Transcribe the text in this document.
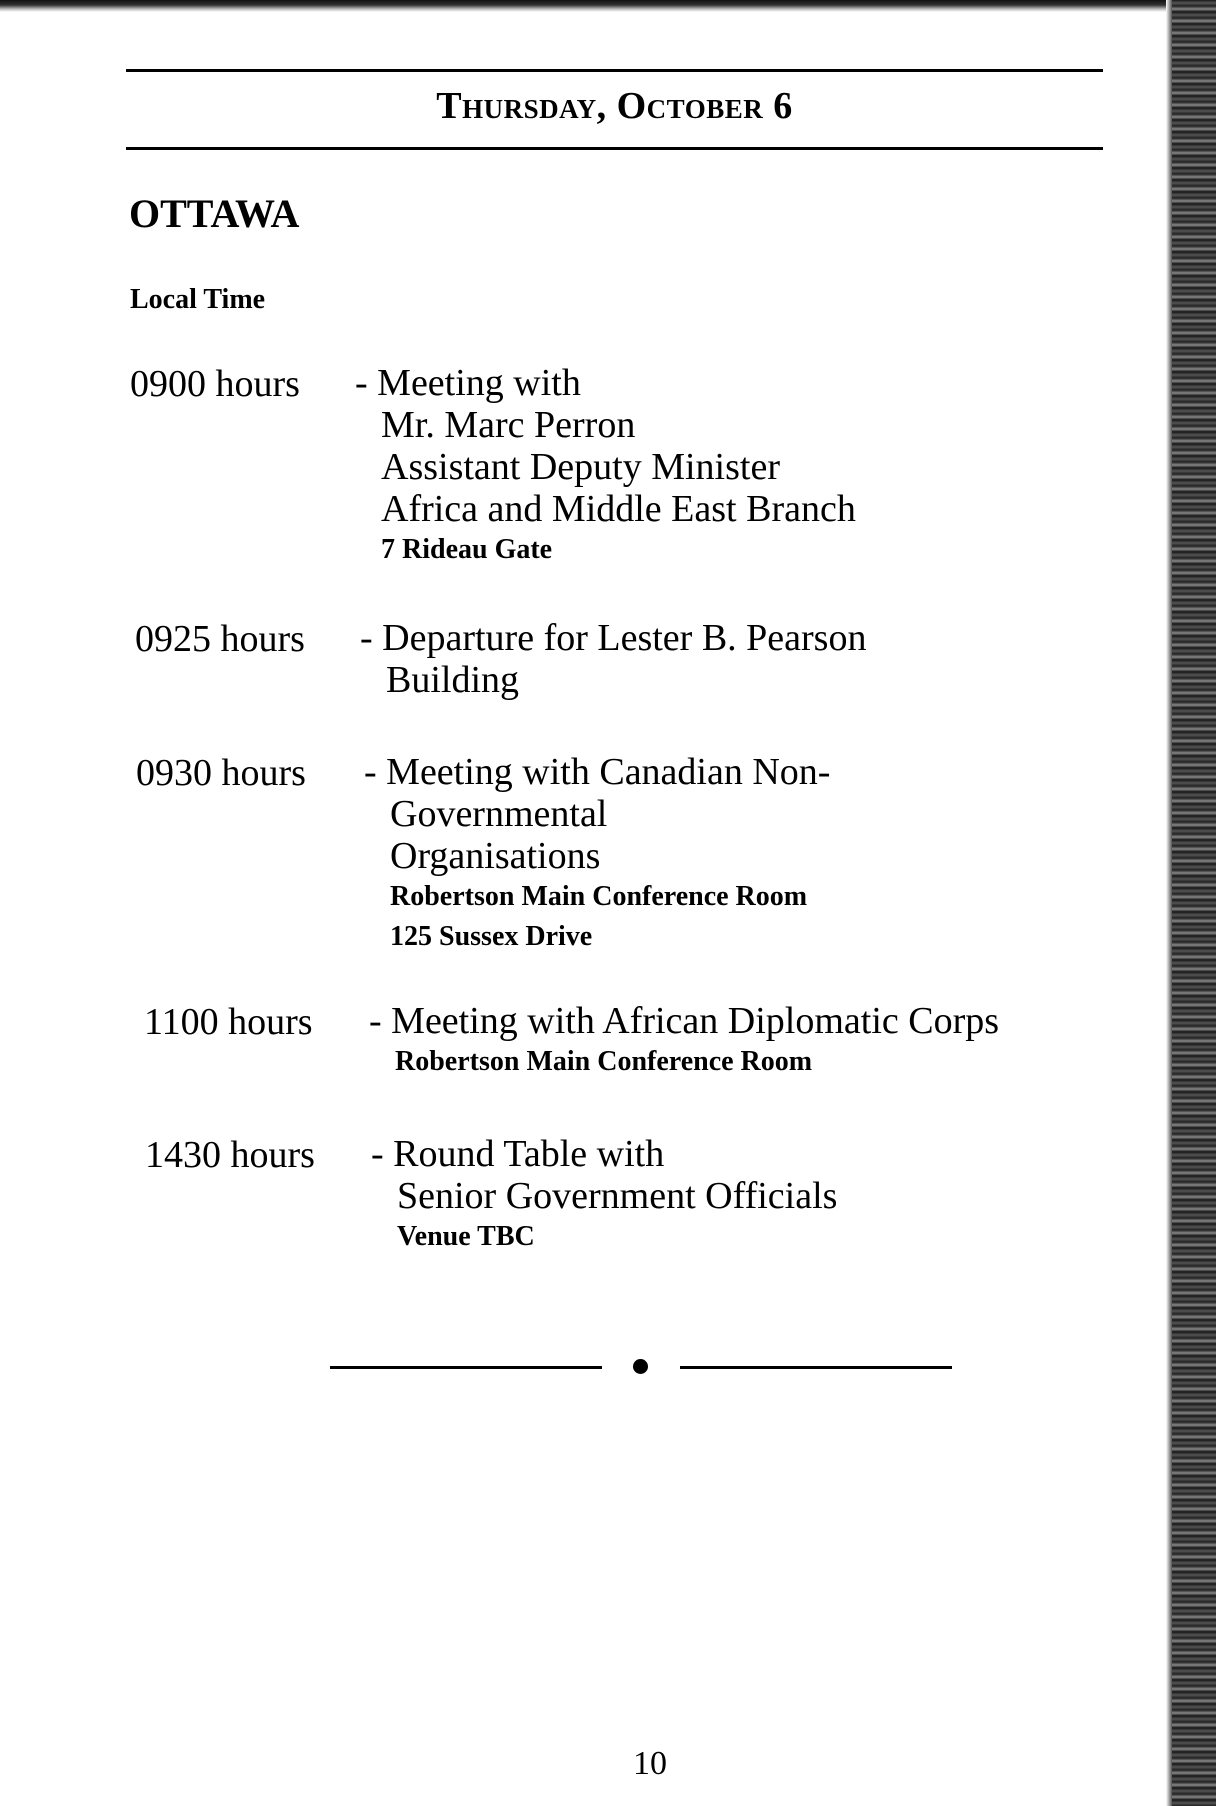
Thursday, October 6
OTTAWA
Local Time
0900 hours - Meeting with
Mr. Marc Perron
Assistant Deputy Minister
Africa and Middle East Branch
7 Rideau Gate
0925 hours - Departure for Lester B. Pearson
Building
0930 hours - Meeting with Canadian Non-
Governmental
Organisations
Robertson Main Conference Room
125 Sussex Drive
1100 hours - Meeting with African Diplomatic Corps
Robertson Main Conference Room
1430 hours - Round Table with
Senior Government Officials
Venue TBC
10
